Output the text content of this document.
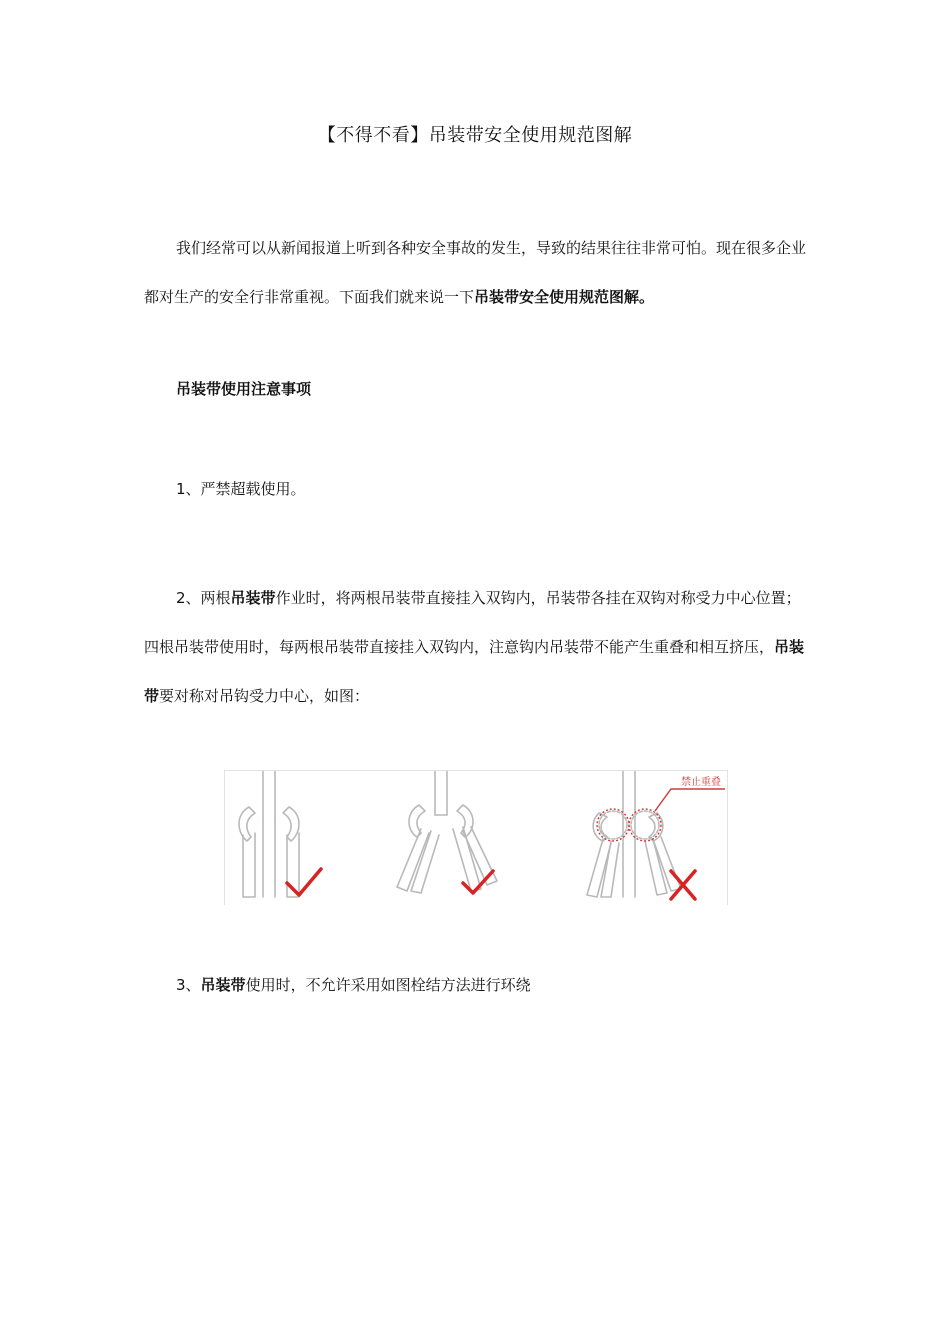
【不得不看】吊装带安全使用规范图解
我们经常可以从新闻报道上听到各种安全事故的发生，导致的结果往往非常可怕。现在很多企业都对生产的安全行非常重视。下面我们就来说一下吊装带安全使用规范图解。
吊装带使用注意事项
1、严禁超载使用。
2、两根吊装带作业时，将两根吊装带直接挂入双钩内，吊装带各挂在双钩对称受力中心位置；四根吊装带使用时，每两根吊装带直接挂入双钩内，注意钩内吊装带不能产生重叠和相互挤压，吊装带要对称对吊钩受力中心，如图：
禁止重叠
3、吊装带使用时，不允许采用如图栓结方法进行环绕
